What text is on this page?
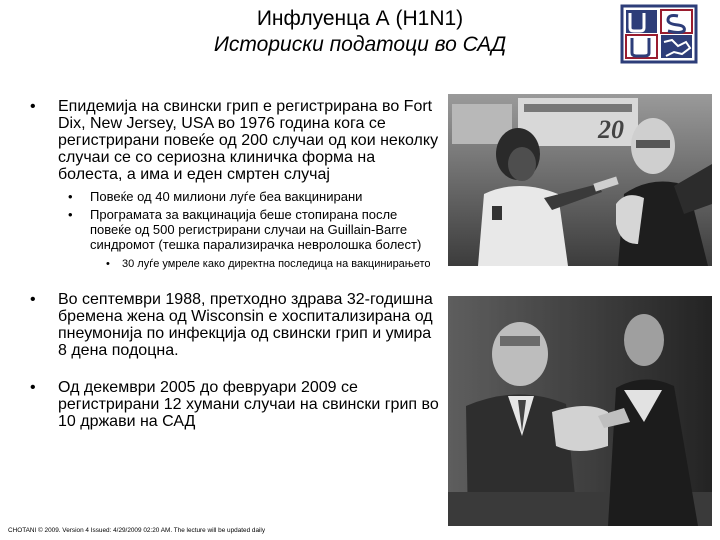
Инфлуенца А (H1N1)
Историски податоци во САД
• Епидемија на свински грип е регистрирана во Fort Dix, New Jersey, USA во 1976 година кога се регистрирани повеќе од 200 случаи од кои неколку случаи се со сериозна клиничка форма на болеста, а има и еден смртен случај
• Повеќе од 40 милиони луѓе беа вакцинирани
• Програмата за вакцинација беше стопирана после повеќе од 500 регистрирани случаи на Guillain-Barre синдромот (тешка парализирачка невролошка болест)
• 30 луѓе умреле како директна последица на вакцинирањето
• Во септември 1988, претходно здрава 32-годишна бремена жена од Wisconsin е хоспитализирана од пнеумонија по инфекција од свински грип и умира 8 дена подоцна.
• Од декември 2005 до февруари 2009 се регистрирани 12 хумани случаи на свински грип во 10 држави на САД
20
CHOTANI © 2009. Version 4 Issued: 4/29/2009 02:20 AM. The lecture will be updated daily
